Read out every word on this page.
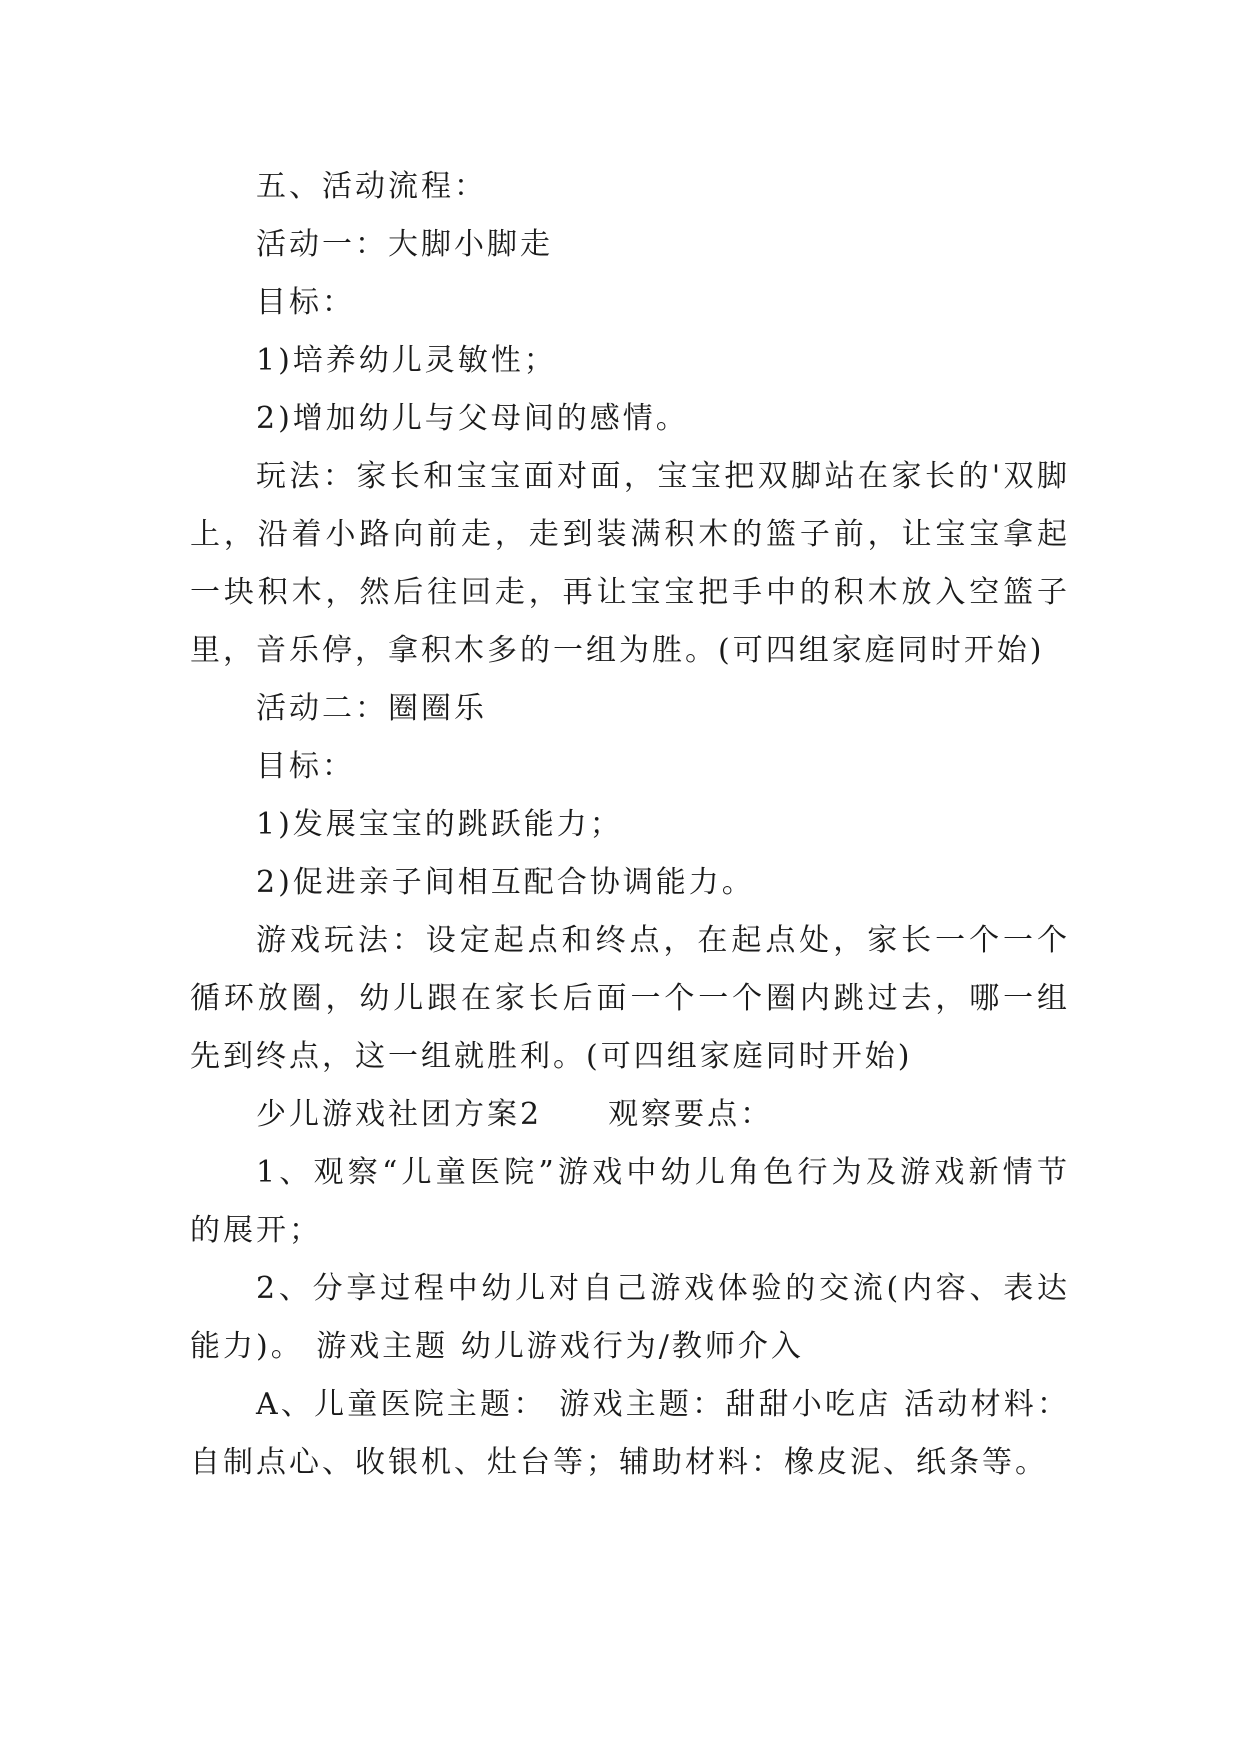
五、活动流程：

活动一：大脚小脚走

目标：

1)培养幼儿灵敏性；

2)增加幼儿与父母间的感情。

玩法：家长和宝宝面对面，宝宝把双脚站在家长的'双脚上，沿着小路向前走，走到装满积木的篮子前，让宝宝拿起一块积木，然后往回走，再让宝宝把手中的积木放入空篮子里，音乐停，拿积木多的一组为胜。(可四组家庭同时开始)

活动二：圈圈乐

目标：

1)发展宝宝的跳跃能力；

2)促进亲子间相互配合协调能力。

游戏玩法：设定起点和终点，在起点处，家长一个一个循环放圈，幼儿跟在家长后面一个一个圈内跳过去，哪一组先到终点，这一组就胜利。(可四组家庭同时开始)

少儿游戏社团方案2 观察要点：

1、观察“儿童医院”游戏中幼儿角色行为及游戏新情节的展开；

2、分享过程中幼儿对自己游戏体验的交流(内容、表达能力)。 游戏主题 幼儿游戏行为/教师介入

A、儿童医院主题： 游戏主题：甜甜小吃店 活动材料：自制点心、收银机、灶台等；辅助材料：橡皮泥、纸条等。
